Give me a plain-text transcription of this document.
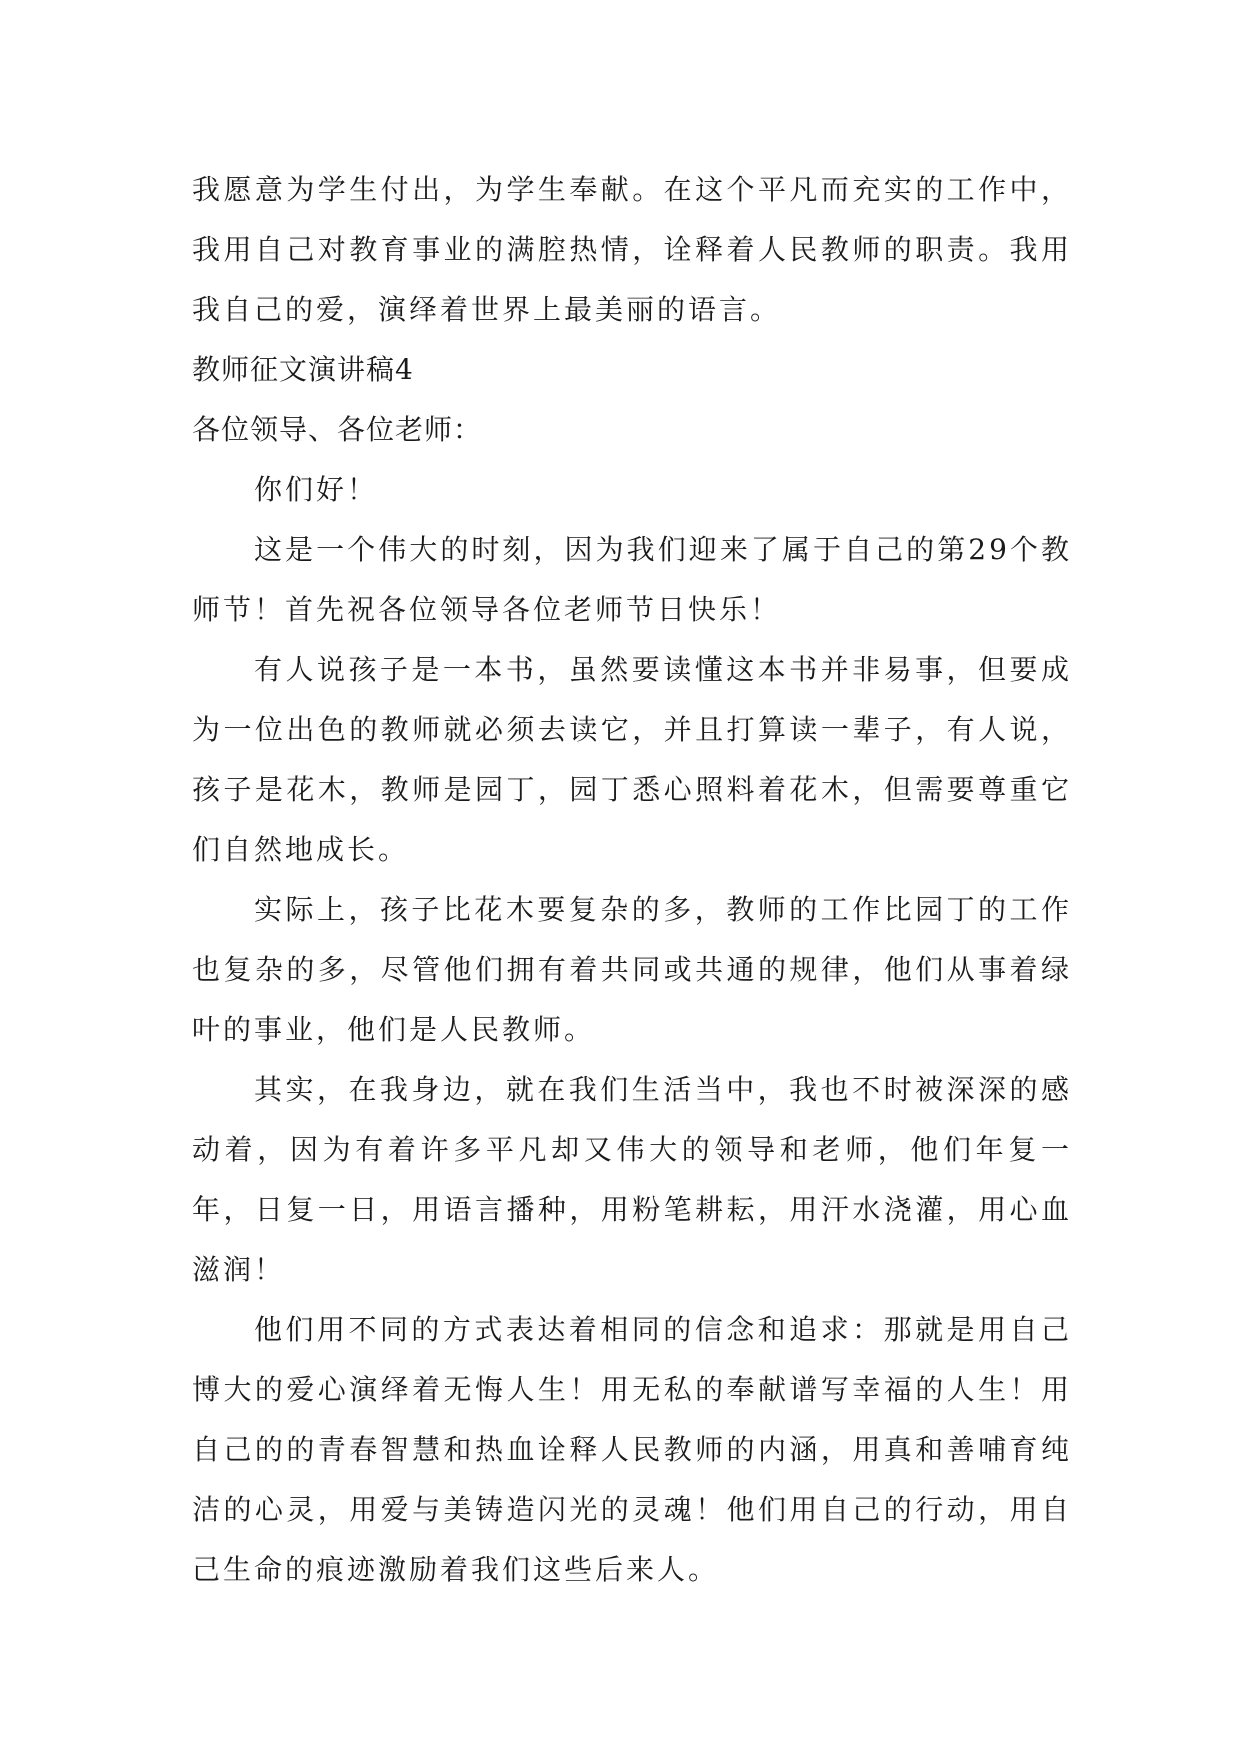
我愿意为学生付出，为学生奉献。在这个平凡而充实的工作中，我用自己对教育事业的满腔热情，诠释着人民教师的职责。我用我自己的爱，演绎着世界上最美丽的语言。

教师征文演讲稿4

各位领导、各位老师：

你们好！

这是一个伟大的时刻，因为我们迎来了属于自己的第29个教师节！首先祝各位领导各位老师节日快乐！

有人说孩子是一本书，虽然要读懂这本书并非易事，但要成为一位出色的教师就必须去读它，并且打算读一辈子，有人说，孩子是花木，教师是园丁，园丁悉心照料着花木，但需要尊重它们自然地成长。

实际上，孩子比花木要复杂的多，教师的工作比园丁的工作也复杂的多，尽管他们拥有着共同或共通的规律，他们从事着绿叶的事业，他们是人民教师。

其实，在我身边，就在我们生活当中，我也不时被深深的感动着，因为有着许多平凡却又伟大的领导和老师，他们年复一年，日复一日，用语言播种，用粉笔耕耘，用汗水浇灌，用心血滋润！

他们用不同的方式表达着相同的信念和追求：那就是用自己博大的爱心演绎着无悔人生！用无私的奉献谱写幸福的人生！用自己的的青春智慧和热血诠释人民教师的内涵，用真和善哺育纯洁的心灵，用爱与美铸造闪光的灵魂！他们用自己的行动，用自己生命的痕迹激励着我们这些后来人。
